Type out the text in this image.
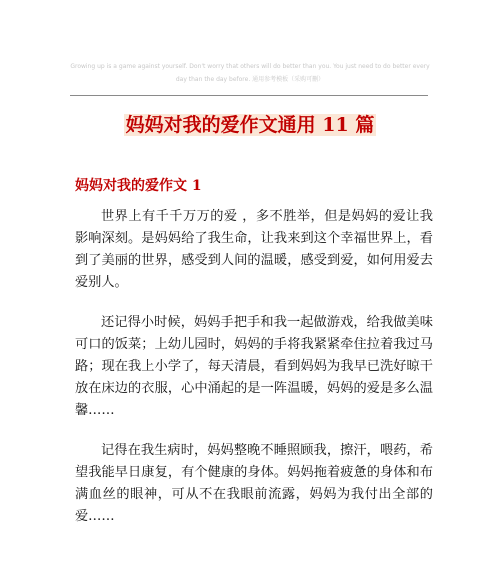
Growing up is a game against yourself. Don't worry that others will do better than you. You just need to do better every day than the day before. 通用参考模板（采购可删）
妈妈对我的爱作文通用 11 篇
妈妈对我的爱作文 1

世界上有千千万万的爱 ，多不胜举，但是妈妈的爱让我影响深刻。是妈妈给了我生命，让我来到这个幸福世界上，看到了美丽的世界，感受到人间的温暖，感受到爱，如何用爱去爱别人。

还记得小时候，妈妈手把手和我一起做游戏，给我做美味可口的饭菜；上幼儿园时，妈妈的手将我紧紧牵住拉着我过马路；现在我上小学了，每天清晨，看到妈妈为我早已洗好晾干放在床边的衣服，心中涌起的是一阵温暖，妈妈的爱是多么温馨……

记得在我生病时，妈妈整晚不睡照顾我，擦汗，喂药，希望我能早日康复，有个健康的身体。妈妈拖着疲惫的身体和布满血丝的眼神，可从不在我眼前流露，妈妈为我付出全部的爱……
